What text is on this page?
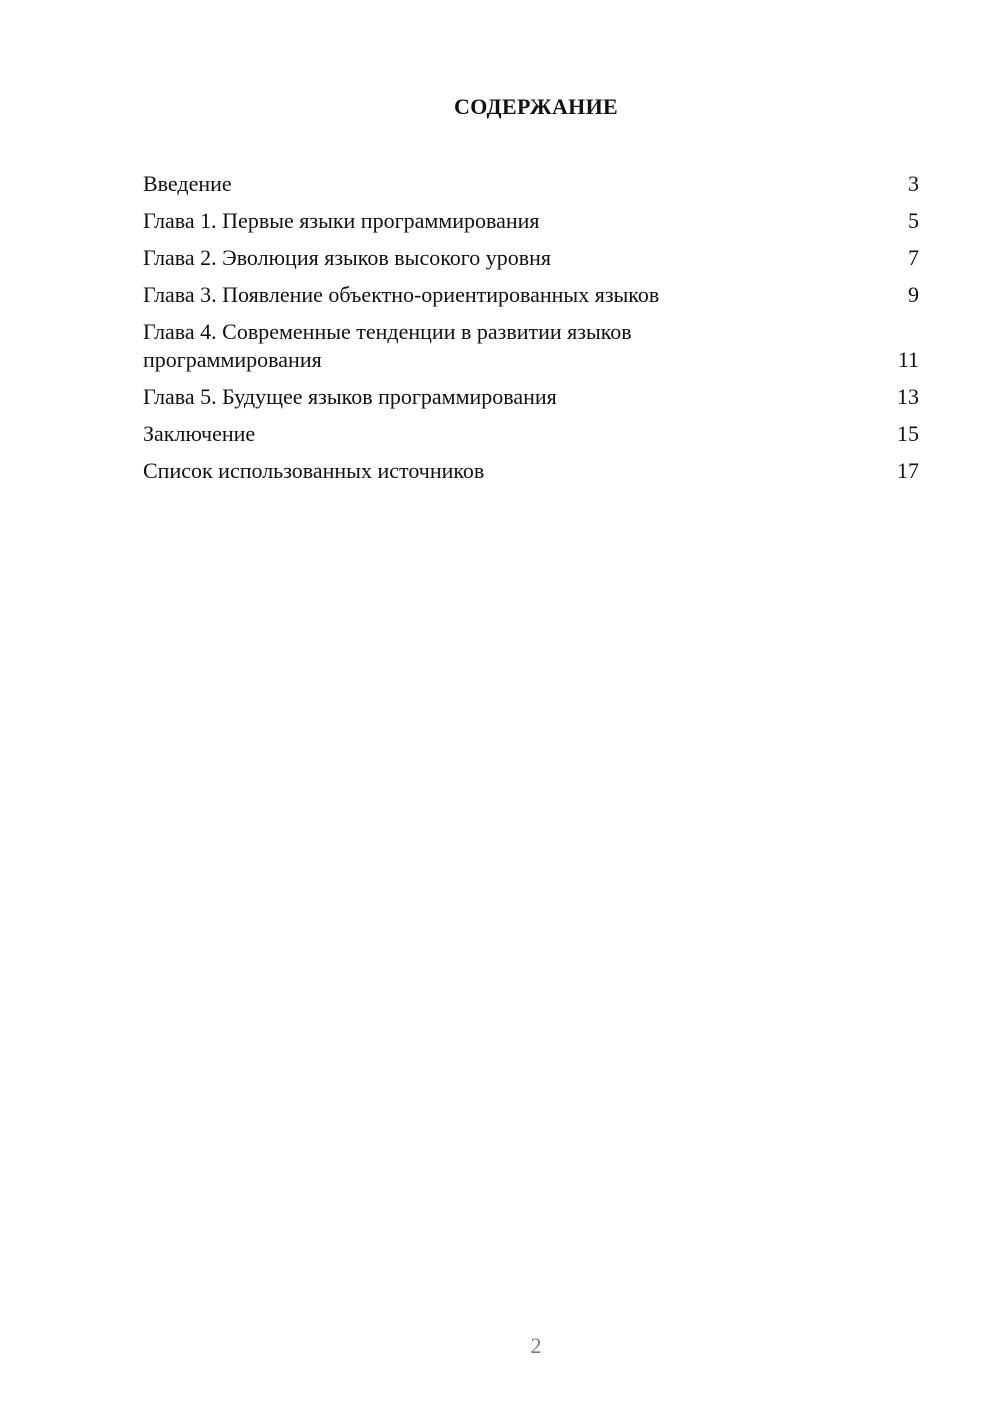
СОДЕРЖАНИЕ
Введение	3
Глава 1. Первые языки программирования	5
Глава 2. Эволюция языков высокого уровня	7
Глава 3. Появление объектно-ориентированных языков	9
Глава 4. Современные тенденции в развитии языков программирования	11
Глава 5. Будущее языков программирования	13
Заключение	15
Список использованных источников	17
2
